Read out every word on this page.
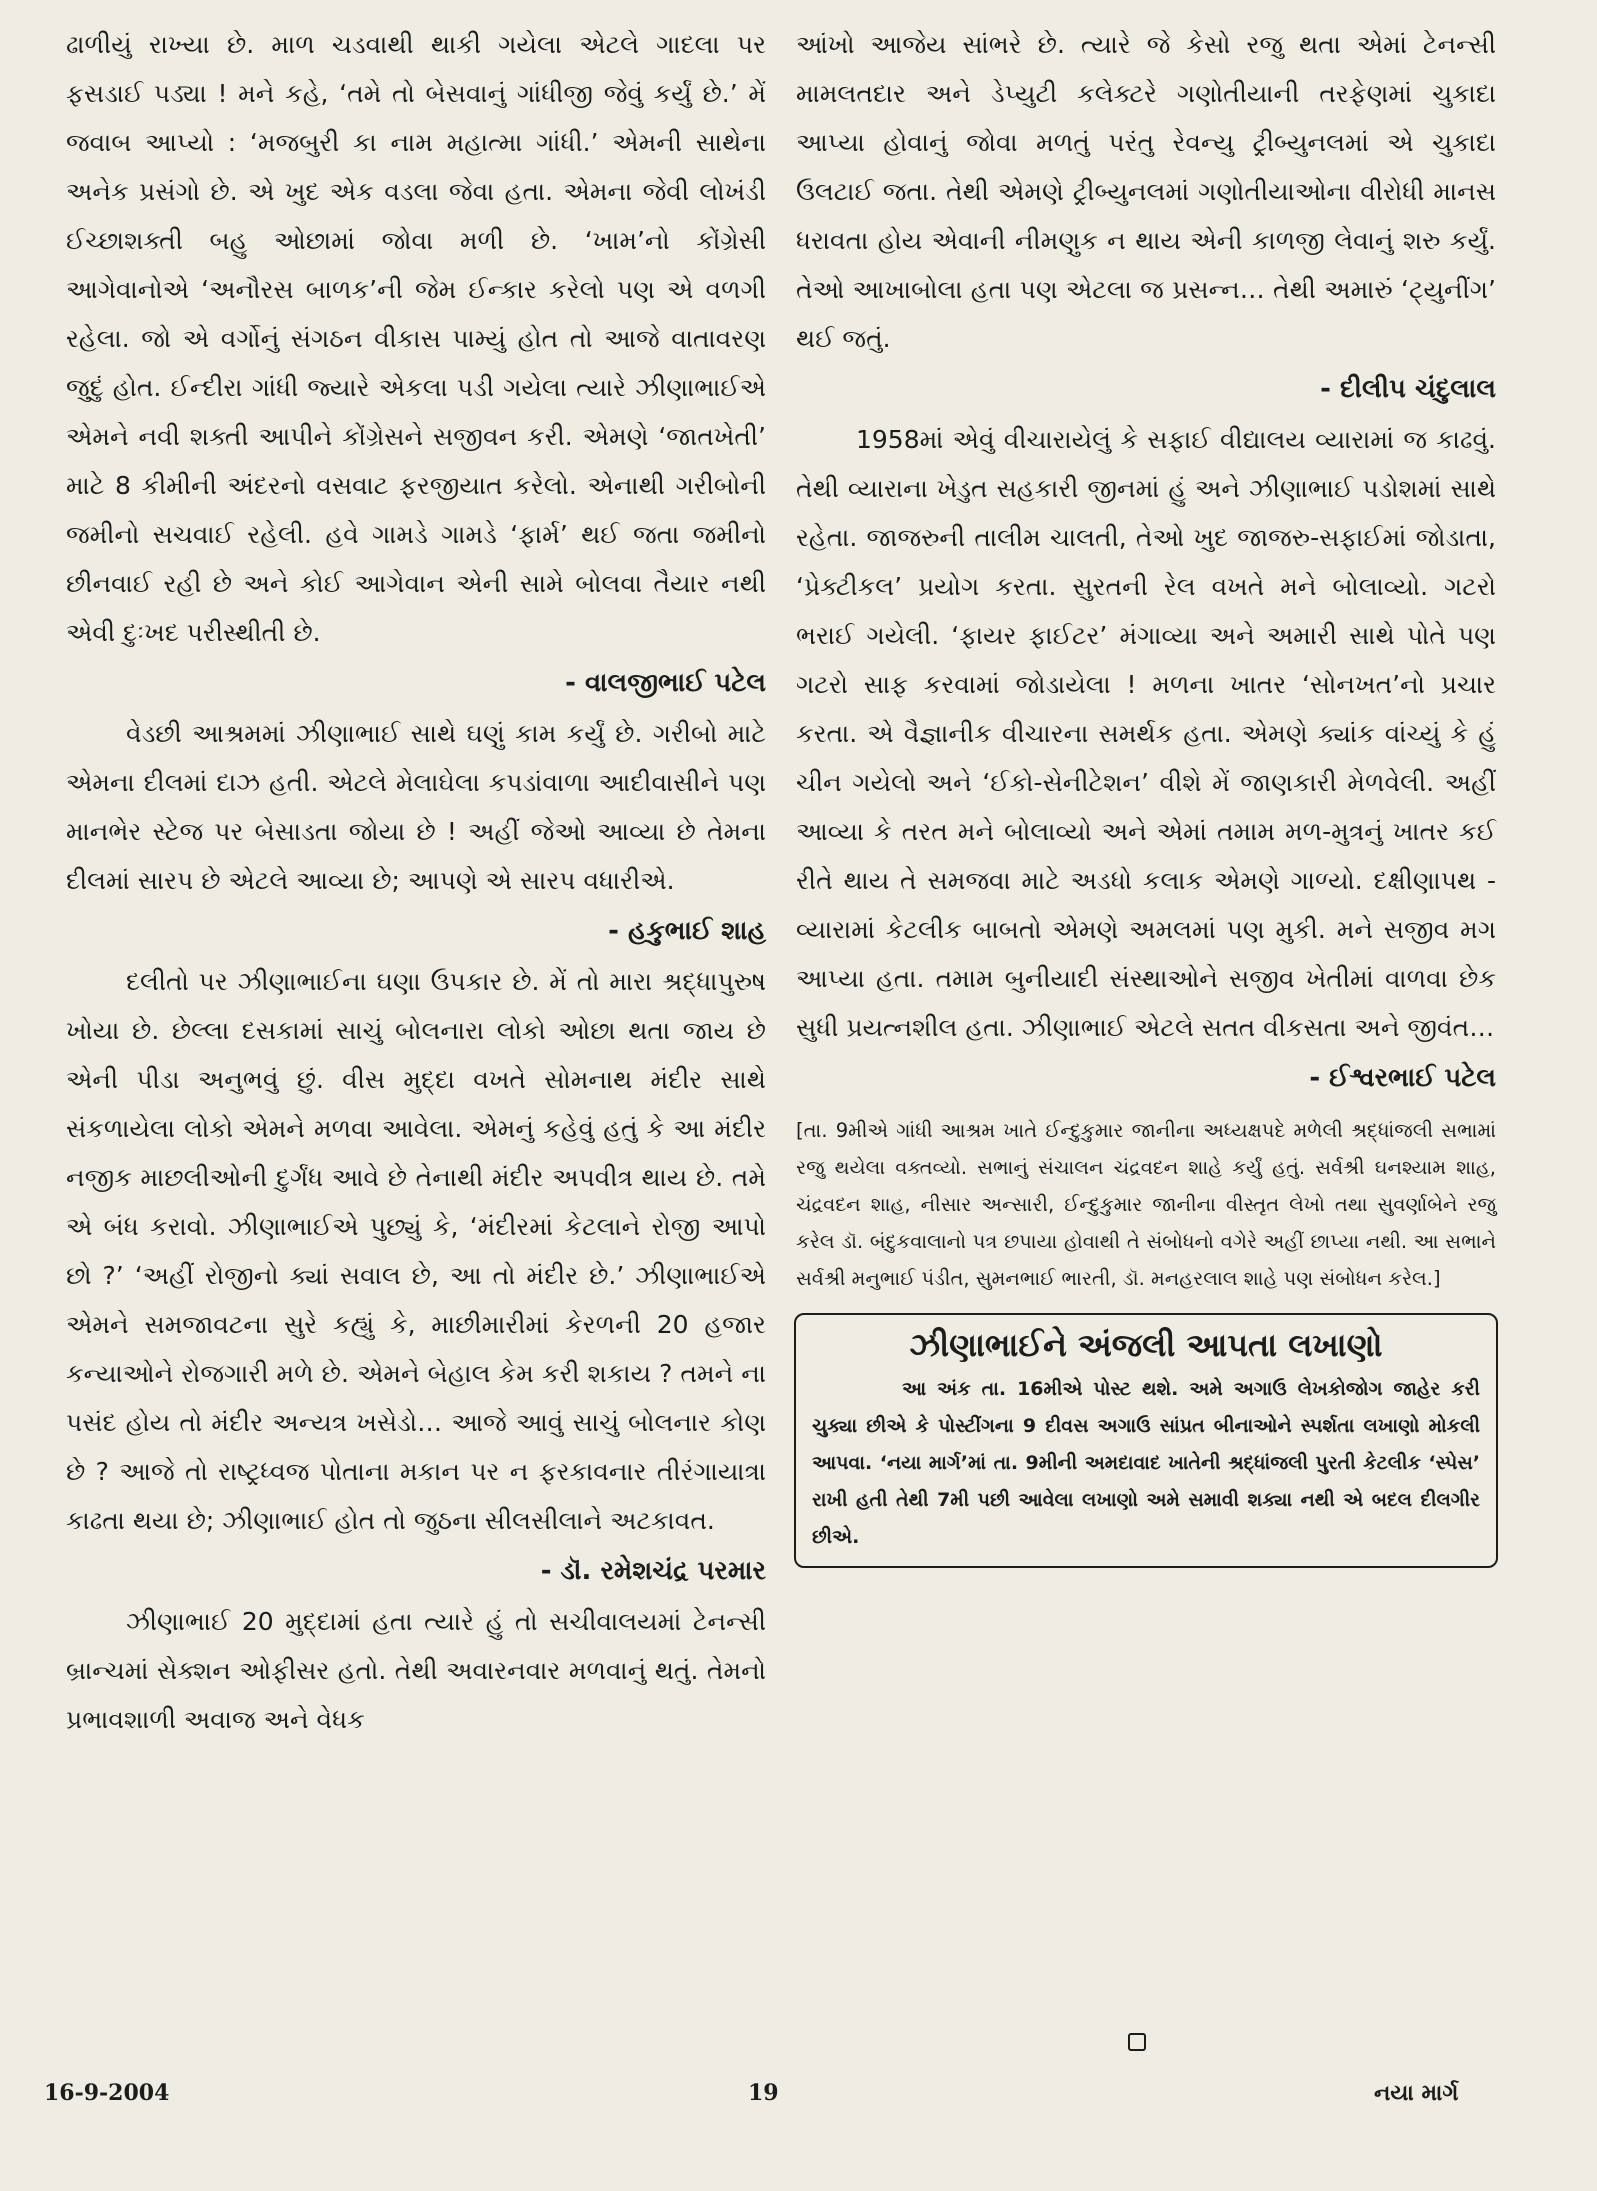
ઢાળીયું રાખ્યા છે. માળ ચડવાથી થાકી ગયેલા એટલે ગાદલા પર ફસડાઈ પડ્યા ! મને કહે, ‘તમે તો બેસવાનું ગાંધીજી જેવું કર્યું છે.’ મેં જવાબ આપ્યો : ‘મજબુરી કા નામ મહાત્મા ગાંધી.’ એમની સાથેના અનેક પ્રસંગો છે. એ ખુદ એક વડલા જેવા હતા. એમના જેવી લોખંડી ઈચ્છાશક્તી બહુ ઓછામાં જોવા મળી છે. ‘ખામ’નો કોંગ્રેસી આગેવાનોએ ‘અનૌરસ બાળક’ની જેમ ઈન્કાર કરેલો પણ એ વળગી રહેલા. જો એ વર્ગોનું સંગઠન વીકાસ પામ્યું હોત તો આજે વાતાવરણ જુદું હોત. ઈન્દીરા ગાંધી જ્યારે એકલા પડી ગયેલા ત્યારે ઝીણાભાઈએ એમને નવી શક્તી આપીને કોંગ્રેસને સજીવન કરી. એમણે ‘જાતખેતી’ માટે 8 કીમીની અંદરનો વસવાટ ફરજીયાત કરેલો. એનાથી ગરીબોની જમીનો સચવાઈ રહેલી. હવે ગામડે ગામડે ‘ફાર્મ’ થઈ જતા જમીનો છીનવાઈ રહી છે અને કોઈ આગેવાન એની સામે બોલવા તૈયાર નથી એવી દુઃખદ પરીસ્થીતી છે.

- વાલજીભાઈ પટેલ

વેડછી આશ્રમમાં ઝીણાભાઈ સાથે ઘણું કામ કર્યું છે. ગરીબો માટે એમના દીલમાં દાઝ હતી. એટલે મેલાઘેલા કપડાંવાળા આદીવાસીને પણ માનભેર સ્ટેજ પર બેસાડતા જોયા છે ! અહીં જેઓ આવ્યા છે તેમના દીલમાં સારપ છે એટલે આવ્યા છે; આપણે એ સારપ વધારીએ.

- હકુભાઈ શાહ

દલીતો પર ઝીણાભાઈના ઘણા ઉપકાર છે. મેં તો મારા શ્રદ્ધાપુરુષ ખોયા છે. છેલ્લા દસકામાં સાચું બોલનારા લોકો ઓછા થતા જાય છે એની પીડા અનુભવું છું. વીસ મુદ્દા વખતે સોમનાથ મંદીર સાથે સંકળાયેલા લોકો એમને મળવા આવેલા. એમનું કહેવું હતું કે આ મંદીર નજીક માછલીઓની દુર્ગંધ આવે છે તેનાથી મંદીર અપવીત્ર થાય છે. તમે એ બંધ કરાવો. ઝીણાભાઈએ પુછ્યું કે, ‘મંદીરમાં કેટલાને રોજી આપો છો ?’ ‘અહીં રોજીનો ક્યાં સવાલ છે, આ તો મંદીર છે.’ ઝીણાભાઈએ એમને સમજાવટના સુરે કહ્યું કે, માછીમારીમાં કેરળની 20 હજાર કન્યાઓને રોજગારી મળે છે. એમને બેહાલ કેમ કરી શકાય ? તમને ના પસંદ હોય તો મંદીર અન્યત્ર ખસેડો… આજે આવું સાચું બોલનાર કોણ છે ? આજે તો રાષ્ટ્રધ્વજ પોતાના મકાન પર ન ફરકાવનાર તીરંગાયાત્રા કાઢતા થયા છે; ઝીણાભાઈ હોત તો જુઠના સીલસીલાને અટકાવત.

- ડૉ. રમેશચંદ્ર પરમાર

ઝીણાભાઈ 20 મુદ્દામાં હતા ત્યારે હું તો સચીવાલયમાં ટેનન્સી બ્રાન્ચમાં સેક્શન ઓફીસર હતો. તેથી અવારનવાર મળવાનું થતું. તેમનો પ્રભાવશાળી અવાજ અને વેધક

આંખો આજેય સાંભરે છે. ત્યારે જે કેસો રજુ થતા એમાં ટેનન્સી મામલતદાર અને ડેપ્યુટી કલેક્ટરે ગણોતીયાની તરફેણમાં ચુકાદા આપ્યા હોવાનું જોવા મળતું પરંતુ રેવન્યુ ટ્રીબ્યુનલમાં એ ચુકાદા ઉલટાઈ જતા. તેથી એમણે ટ્રીબ્યુનલમાં ગણોતીયાઓના વીરોધી માનસ ધરાવતા હોય એવાની નીમણુક ન થાય એની કાળજી લેવાનું શરુ કર્યું. તેઓ આખાબોલા હતા પણ એટલા જ પ્રસન્ન… તેથી અમારું ‘ટ્યુનીંગ’ થઈ જતું.

- દીલીપ ચંદુલાલ

1958માં એવું વીચારાયેલું કે સફાઈ વીદ્યાલય વ્યારામાં જ કાઢવું. તેથી વ્યારાના ખેડુત સહકારી જીનમાં હું અને ઝીણાભાઈ પડોશમાં સાથે રહેતા. જાજરુની તાલીમ ચાલતી, તેઓ ખુદ જાજરુ-સફાઈમાં જોડાતા, ‘પ્રેક્ટીકલ’ પ્રયોગ કરતા. સુરતની રેલ વખતે મને બોલાવ્યો. ગટરો ભરાઈ ગયેલી. ‘ફાયર ફાઈટર’ મંગાવ્યા અને અમારી સાથે પોતે પણ ગટરો સાફ કરવામાં જોડાયેલા ! મળના ખાતર ‘સોનખત’નો પ્રચાર કરતા. એ વૈજ્ઞાનીક વીચારના સમર્થક હતા. એમણે ક્યાંક વાંચ્યું કે હું ચીન ગયેલો અને ‘ઈકો-સેનીટેશન’ વીશે મેં જાણકારી મેળવેલી. અહીં આવ્યા કે તરત મને બોલાવ્યો અને એમાં તમામ મળ-મુત્રનું ખાતર કઈ રીતે થાય તે સમજવા માટે અડધો કલાક એમણે ગાળ્યો. દક્ષીણાપથ - વ્યારામાં કેટલીક બાબતો એમણે અમલમાં પણ મુકી. મને સજીવ મગ આપ્યા હતા. તમામ બુનીયાદી સંસ્થાઓને સજીવ ખેતીમાં વાળવા છેક સુધી પ્રયત્નશીલ હતા. ઝીણાભાઈ એટલે સતત વીકસતા અને જીવંત…

- ઈશ્વરભાઈ પટેલ

[તા. 9મીએ ગાંધી આશ્રમ ખાતે ઈન્દુકુમાર જાનીના અધ્યક્ષપદે મળેલી શ્રદ્ધાંજલી સભામાં રજુ થયેલા વક્તવ્યો. સભાનું સંચાલન ચંદ્રવદન શાહે કર્યું હતું. સર્વશ્રી ઘનશ્યામ શાહ, ચંદ્રવદન શાહ, નીસાર અન્સારી, ઈન્દુકુમાર જાનીના વીસ્તૃત લેખો તથા સુવર્ણાબેને રજુ કરેલ ડૉ. બંદુકવાલાનો પત્ર છપાયા હોવાથી તે સંબોધનો વગેરે અહીં છાપ્યા નથી. આ સભાને સર્વશ્રી મનુભાઈ પંડીત, સુમનભાઈ ભારતી, ડૉ. મનહરલાલ શાહે પણ સંબોધન કરેલ.]

ઝીણાભાઈને અંજલી આપતા લખાણો

આ અંક તા. 16મીએ પોસ્ટ થશે. અમે અગાઉ લેખકોજોગ જાહેર કરી ચુક્યા છીએ કે પોસ્ટીંગના 9 દીવસ અગાઉ સાંપ્રત બીનાઓને સ્પર્શતા લખાણો મોકલી આપવા. ‘નયા માર્ગ’માં તા. 9મીની અમદાવાદ ખાતેની શ્રદ્ધાંજલી પુરતી કેટલીક ‘સ્પેસ’ રાખી હતી તેથી 7મી પછી આવેલા લખાણો અમે સમાવી શક્યા નથી એ બદલ દીલગીર છીએ.

16-9-2004	19	નયા માર્ગ
